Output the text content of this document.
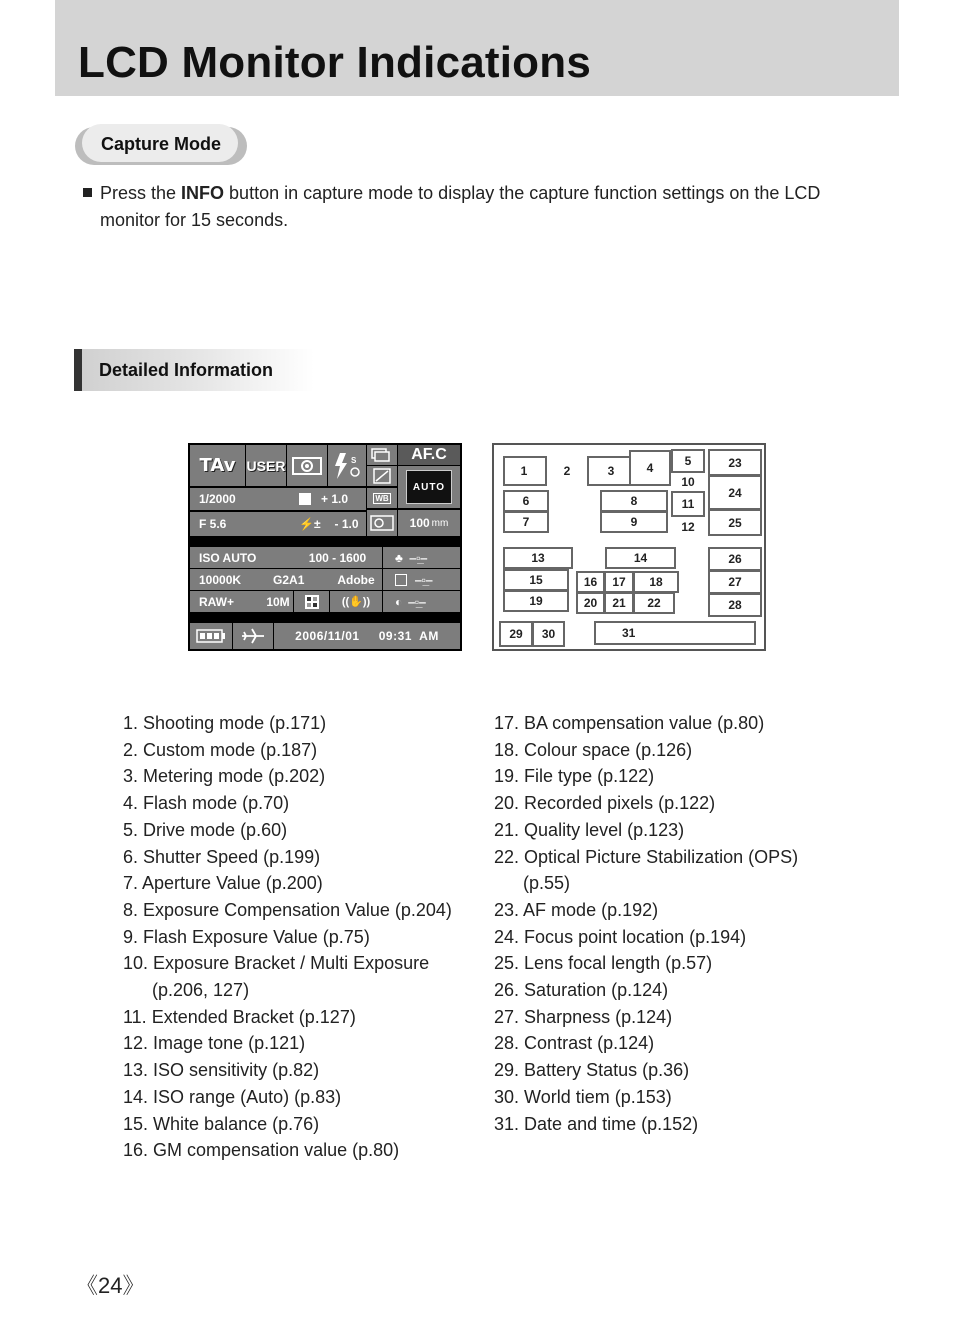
LCD Monitor Indications
Capture Mode

Press the INFO button in capture mode to display the capture function settings on the LCD monitor for 15 seconds.

Detailed Information
TAv USER	S	AF.C
AUTO
1/2000	+ 1.0	WB
F 5.6	⚡± - 1.0	100 mm
ISO AUTO	100 - 1600 ♣  ‒▫̲‒
10000K	G2A1	Adobe	‒▫̲‒
RAW+	10M	((✋)) ◐ ‒▫̲‒
2006/11/01     09:31  AM
1	2	3	4
5
10
11
12
23
24
25
6
7
8
9
13	14
15
19
16	17	18
20	21	22
26
27
28
29	30	31
1. Shooting mode (p.171)
2. Custom mode (p.187)
3. Metering mode (p.202)
4. Flash mode (p.70)
5. Drive mode (p.60)
6. Shutter Speed (p.199)
7. Aperture Value (p.200)
8. Exposure Compensation Value (p.204)
9. Flash Exposure Value (p.75)
10. Exposure Bracket / Multi Exposure
(p.206, 127)
11. Extended Bracket (p.127)
12. Image tone (p.121)
13. ISO sensitivity (p.82)
14. ISO range (Auto) (p.83)
15. White balance (p.76)
16. GM compensation value (p.80)
17. BA compensation value (p.80)
18. Colour space (p.126)
19. File type (p.122)
20. Recorded pixels (p.122)
21. Quality level (p.123)
22. Optical Picture Stabilization (OPS)
(p.55)
23. AF mode (p.192)
24. Focus point location (p.194)
25. Lens focal length (p.57)
26. Saturation (p.124)
27. Sharpness (p.124)
28. Contrast (p.124)
29. Battery Status (p.36)
30. World tiem (p.153)
31. Date and time (p.152)
《24》
